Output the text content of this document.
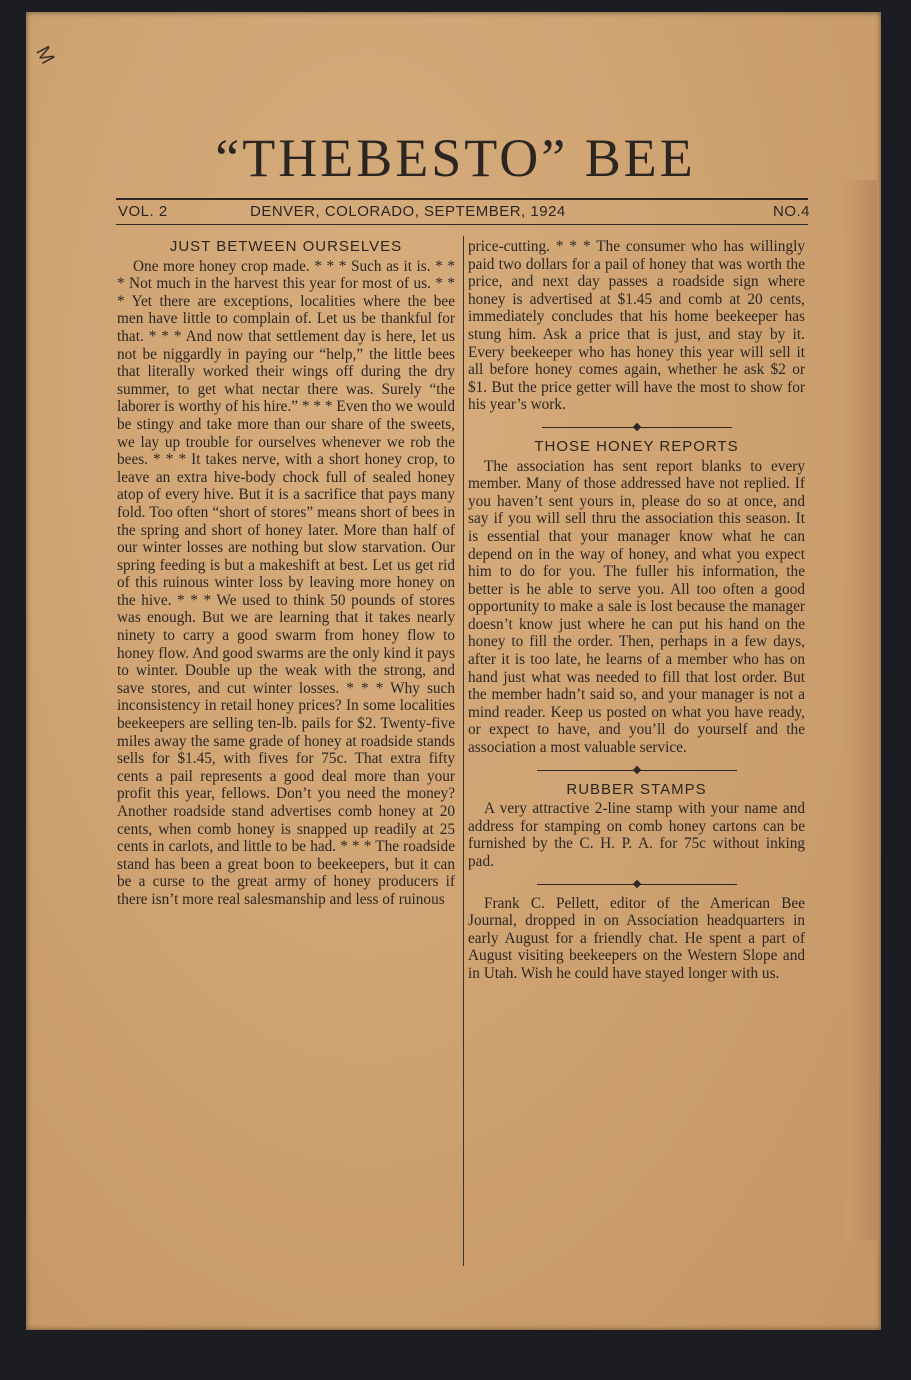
M
“THEBESTO” BEE
VOL. 2	DENVER, COLORADO, SEPTEMBER, 1924	NO.4
JUST BETWEEN OURSELVES

One more honey crop made. * * * Such as it is. * * * Not much in the harvest this year for most of us. * * * Yet there are exceptions, localities where the bee men have little to complain of. Let us be thankful for that. * * * And now that settlement day is here, let us not be niggardly in paying our “help,” the little bees that literally worked their wings off during the dry summer, to get what nectar there was. Surely “the laborer is worthy of his hire.” * * * Even tho we would be stingy and take more than our share of the sweets, we lay up trouble for ourselves whenever we rob the bees. * * * It takes nerve, with a short honey crop, to leave an extra hive-body chock full of sealed honey atop of every hive. But it is a sacrifice that pays many fold. Too often “short of stores” means short of bees in the spring and short of honey later. More than half of our winter losses are nothing but slow starvation. Our spring feeding is but a makeshift at best. Let us get rid of this ruinous winter loss by leaving more honey on the hive. * * * We used to think 50 pounds of stores was enough. But we are learning that it takes nearly ninety to carry a good swarm from honey flow to honey flow. And good swarms are the only kind it pays to winter. Double up the weak with the strong, and save stores, and cut winter losses. * * * Why such inconsistency in retail honey prices? In some localities beekeepers are selling ten-lb. pails for $2. Twenty-five miles away the same grade of honey at roadside stands sells for $1.45, with fives for 75c. That extra fifty cents a pail represents a good deal more than your profit this year, fellows. Don’t you need the money? Another roadside stand advertises comb honey at 20 cents, when comb honey is snapped up readily at 25 cents in carlots, and little to be had. * * * The roadside stand has been a great boon to beekeepers, but it can be a curse to the great army of honey producers if there isn’t more real salesmanship and less of ruinous

price-cutting. * * * The consumer who has willingly paid two dollars for a pail of honey that was worth the price, and next day passes a roadside sign where honey is advertised at $1.45 and comb at 20 cents, immediately concludes that his home beekeeper has stung him. Ask a price that is just, and stay by it. Every beekeeper who has honey this year will sell it all before honey comes again, whether he ask $2 or $1. But the price getter will have the most to show for his year’s work.

THOSE HONEY REPORTS

The association has sent report blanks to every member. Many of those addressed have not replied. If you haven’t sent yours in, please do so at once, and say if you will sell thru the association this season. It is essential that your manager know what he can depend on in the way of honey, and what you expect him to do for you. The fuller his information, the better is he able to serve you. All too often a good opportunity to make a sale is lost because the manager doesn’t know just where he can put his hand on the honey to fill the order. Then, perhaps in a few days, after it is too late, he learns of a member who has on hand just what was needed to fill that lost order. But the member hadn’t said so, and your manager is not a mind reader. Keep us posted on what you have ready, or expect to have, and you’ll do yourself and the association a most valuable service.

RUBBER STAMPS

A very attractive 2-line stamp with your name and address for stamping on comb honey cartons can be furnished by the C. H. P. A. for 75c without inking pad.

Frank C. Pellett, editor of the American Bee Journal, dropped in on Association headquarters in early August for a friendly chat. He spent a part of August visiting beekeepers on the Western Slope and in Utah. Wish he could have stayed longer with us.
